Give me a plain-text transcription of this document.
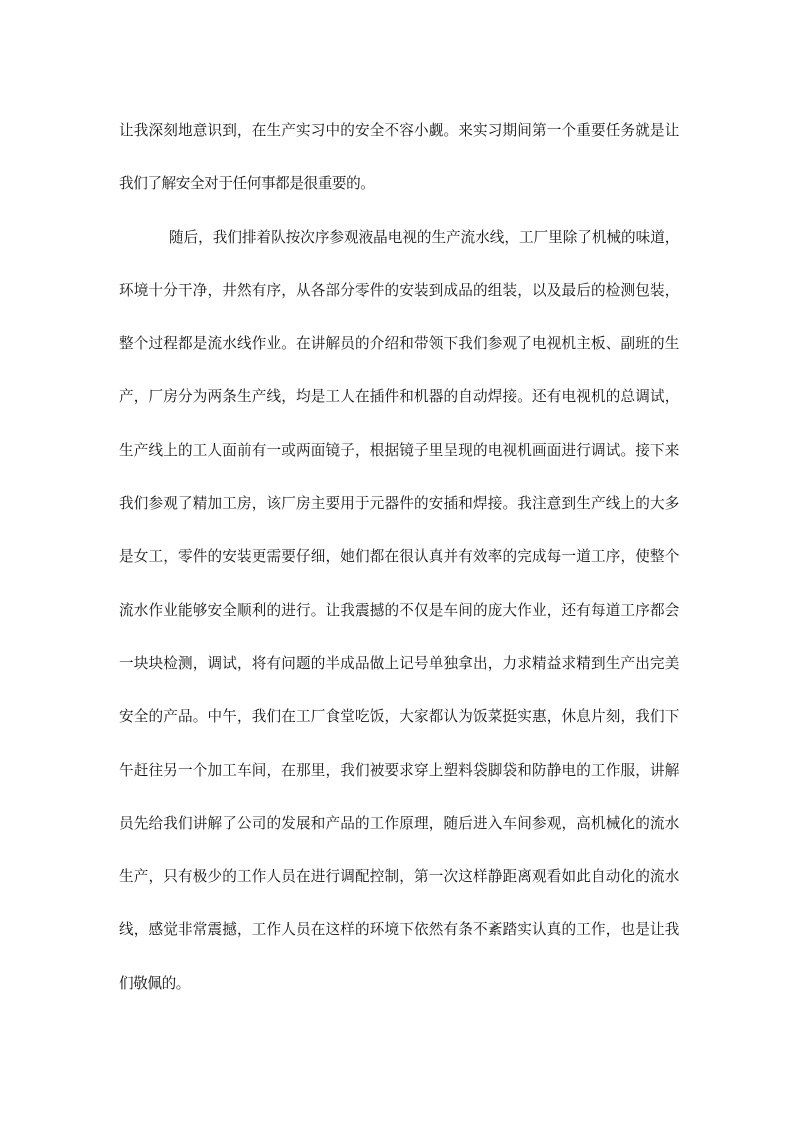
让我深刻地意识到，在生产实习中的安全不容小觑。来实习期间第一个重要任务就是让
我们了解安全对于任何事都是很重要的。
随后，我们排着队按次序参观液晶电视的生产流水线，工厂里除了机械的味道，
环境十分干净，井然有序，从各部分零件的安装到成品的组装，以及最后的检测包装，
整个过程都是流水线作业。在讲解员的介绍和带领下我们参观了电视机主板、副班的生
产，厂房分为两条生产线，均是工人在插件和机器的自动焊接。还有电视机的总调试，
生产线上的工人面前有一或两面镜子，根据镜子里呈现的电视机画面进行调试。接下来
我们参观了精加工房，该厂房主要用于元器件的安插和焊接。我注意到生产线上的大多
是女工，零件的安装更需要仔细，她们都在很认真并有效率的完成每一道工序，使整个
流水作业能够安全顺利的进行。让我震撼的不仅是车间的庞大作业，还有每道工序都会
一块块检测，调试，将有问题的半成品做上记号单独拿出，力求精益求精到生产出完美
安全的产品。中午，我们在工厂食堂吃饭，大家都认为饭菜挺实惠，休息片刻，我们下
午赶往另一个加工车间，在那里，我们被要求穿上塑料袋脚袋和防静电的工作服，讲解
员先给我们讲解了公司的发展和产品的工作原理，随后进入车间参观，高机械化的流水
生产，只有极少的工作人员在进行调配控制，第一次这样静距离观看如此自动化的流水
线，感觉非常震撼，工作人员在这样的环境下依然有条不紊踏实认真的工作，也是让我
们敬佩的。
